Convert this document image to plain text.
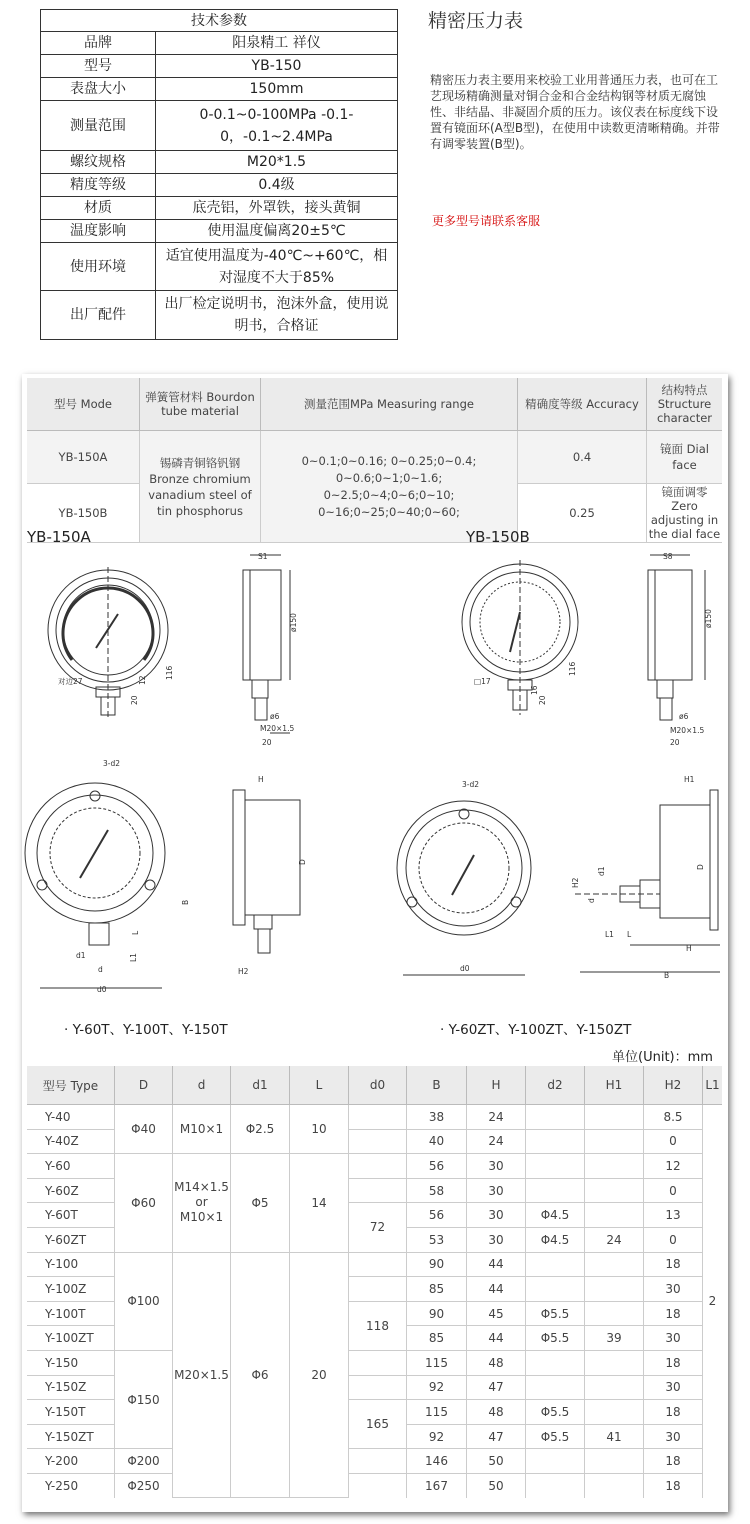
技术参数	
品牌	阳泉精工 祥仪
型号	YB-150
表盘大小	150mm
测量范围	0-0.1~0-100MPa -0.1-0，-0.1~2.4MPa
螺纹规格	M20*1.5
精度等级	0.4级
材质	底壳铝，外罩铁，接头黄铜
温度影响	使用温度偏离20±5℃
使用环境	适宜使用温度为-40℃~+60℃，相对湿度不大于85%
出厂配件	出厂检定说明书，泡沫外盒，使用说明书，合格证
精密压力表
精密压力表主要用来校验工业用普通压力表，也可在工艺现场精确测量对铜合金和合金结构钢等材质无腐蚀性、非结晶、非凝固介质的压力。该仪表在标度线下设置有镜面环(A型B型)，在使用中读数更清晰精确。并带有调零装置(B型)。
更多型号请联系客服
型号 Mode	弹簧管材料 Bourdon tube material	测量范围MPa Measuring range	精确度等级 Accuracy	结构特点 Structure character
YB-150A	锡磷青铜铬钒钢 Bronze chromium vanadium steel of tin phosphorus	0~0.1;0~0.16; 0~0.25;0~0.4; 0~0.6;0~1;0~1.6; 0~2.5;0~4;0~6;0~10; 0~16;0~25;0~40;0~60;	0.4	镜面 Dial face
YB-150B			0.25	镜面调零 Zero adjusting in the dial face
YB-150A	YB-150B
S1
ø150
116
12
20
对边27
ø6
M20×1.5
20
S8
ø150
116
16
20
□17
ø6
M20×1.5
20
3-d2
H
D
B
L
L1
d1
d
d0
H2
3-d2
H1
D
H2
d1
d
L1 L
H
B
d0
· Y-60T、Y-100T、Y-150T	· Y-60ZT、Y-100ZT、Y-150ZT
单位(Unit)：mm
型号 Type	D	d	d1	L	d0	B	H	d2	H1	H2	L1
Y-40	Φ40	M10×1	Φ2.5	10		38	24			8.5	2
Y-40Z						40	24			0	
Y-60	Φ60	M14×1.5 or M10×1	Φ5	14		56	30			12	
Y-60Z						58	30			0	
Y-60T					72	56	30	Φ4.5		13	
Y-60ZT						53	30	Φ4.5	24	0	
Y-100	Φ100	M20×1.5	Φ6	20		90	44			18	
Y-100Z						85	44			30	
Y-100T					118	90	45	Φ5.5		18	
Y-100ZT						85	44	Φ5.5	39	30	
Y-150	Φ150					115	48			18	
Y-150Z						92	47			30	
Y-150T					165	115	48	Φ5.5		18	
Y-150ZT						92	47	Φ5.5	41	30	
Y-200	Φ200					146	50			18	
Y-250	Φ250					167	50			18	
